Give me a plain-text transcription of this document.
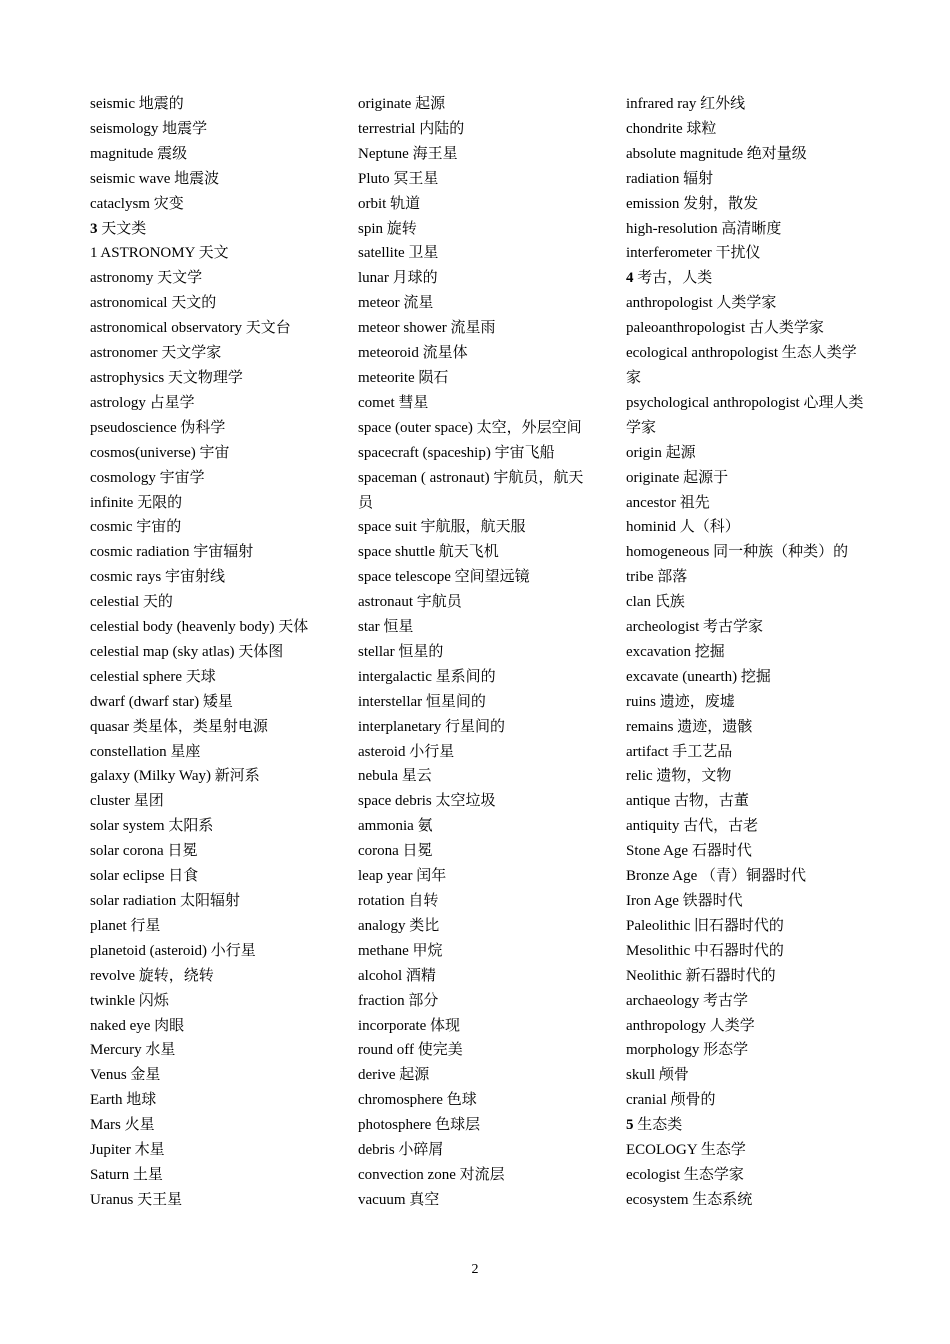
seismic 地震的
seismology 地震学
magnitude 震级
seismic wave 地震波
cataclysm 灾变
3 天文类
1 ASTRONOMY 天文
astronomy 天文学
astronomical 天文的
astronomical observatory 天文台
astronomer 天文学家
astrophysics 天文物理学
astrology 占星学
pseudoscience 伪科学
cosmos(universe) 宇宙
cosmology 宇宙学
infinite 无限的
cosmic 宇宙的
cosmic radiation 宇宙辐射
cosmic rays 宇宙射线
celestial 天的
celestial body (heavenly body) 天体
celestial map (sky atlas) 天体图
celestial sphere 天球
dwarf (dwarf star) 矮星
quasar 类星体，类星射电源
constellation 星座
galaxy (Milky Way) 新河系
cluster 星团
solar system 太阳系
solar corona 日冕
solar eclipse 日食
solar radiation 太阳辐射
planet 行星
planetoid (asteroid) 小行星
revolve 旋转，绕转
twinkle 闪烁
naked eye 肉眼
Mercury 水星
Venus 金星
Earth 地球
Mars 火星
Jupiter 木星
Saturn 土星
Uranus 天王星
originate 起源
terrestrial 内陆的
Neptune 海王星
Pluto 冥王星
orbit 轨道
spin 旋转
satellite 卫星
lunar 月球的
meteor 流星
meteor shower 流星雨
meteoroid 流星体
meteorite 陨石
comet 彗星
space (outer space) 太空，外层空间
spacecraft (spaceship) 宇宙飞船
spaceman ( astronaut) 宇航员，航天员
space suit 宇航服，航天服
space shuttle 航天飞机
space telescope 空间望远镜
astronaut 宇航员
star 恒星
stellar 恒星的
intergalactic 星系间的
interstellar 恒星间的
interplanetary 行星间的
asteroid 小行星
nebula 星云
space debris 太空垃圾
ammonia 氨
corona 日冕
leap year 闰年
rotation 自转
analogy 类比
methane 甲烷
alcohol 酒精
fraction 部分
incorporate 体现
round off 使完美
derive 起源
chromosphere 色球
photosphere 色球层
debris 小碎屑
convection zone 对流层
vacuum 真空
infrared ray 红外线
chondrite 球粒
absolute magnitude 绝对量级
radiation 辐射
emission 发射，散发
high-resolution 高清晰度
interferometer 干扰仪
4 考古，人类
anthropologist 人类学家
paleoanthropologist 古人类学家
ecological anthropologist 生态人类学家
psychological anthropologist 心理人类学家
origin 起源
originate 起源于
ancestor 祖先
hominid 人（科）
homogeneous 同一种族（种类）的
tribe 部落
clan 氏族
archeologist 考古学家
excavation 挖掘
excavate (unearth) 挖掘
ruins 遗迹，废墟
remains 遗迹，遗骸
artifact 手工艺品
relic 遗物，文物
antique 古物，古董
antiquity 古代，古老
Stone Age 石器时代
Bronze Age （青）铜器时代
Iron Age 铁器时代
Paleolithic 旧石器时代的
Mesolithic 中石器时代的
Neolithic 新石器时代的
archaeology 考古学
anthropology 人类学
morphology 形态学
skull 颅骨
cranial 颅骨的
5 生态类
ECOLOGY 生态学
ecologist 生态学家
ecosystem 生态系统
2
